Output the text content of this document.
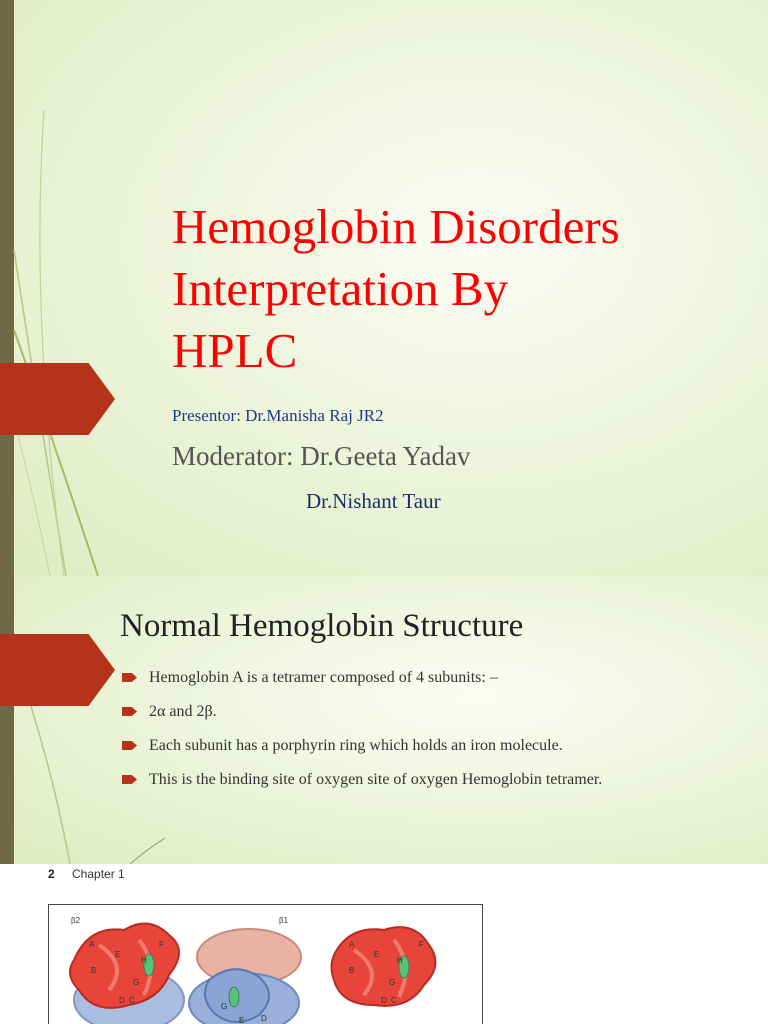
Hemoglobin Disorders
Interpretation By
HPLC
Presentor: Dr.Manisha Raj JR2
Moderator: Dr.Geeta Yadav
Dr.Nishant Taur
Normal Hemoglobin Structure
Hemoglobin A is a tetramer composed of 4 subunits: –
2α and 2β.
Each subunit has a porphyrin ring which holds an iron molecule.
This is the binding site of oxygen site of oxygen Hemoglobin tetramer.
2 Chapter 1
β2	β1
A
E
F
B
H
G
D C
G
E D
A
E
F
B
H
G
D C
